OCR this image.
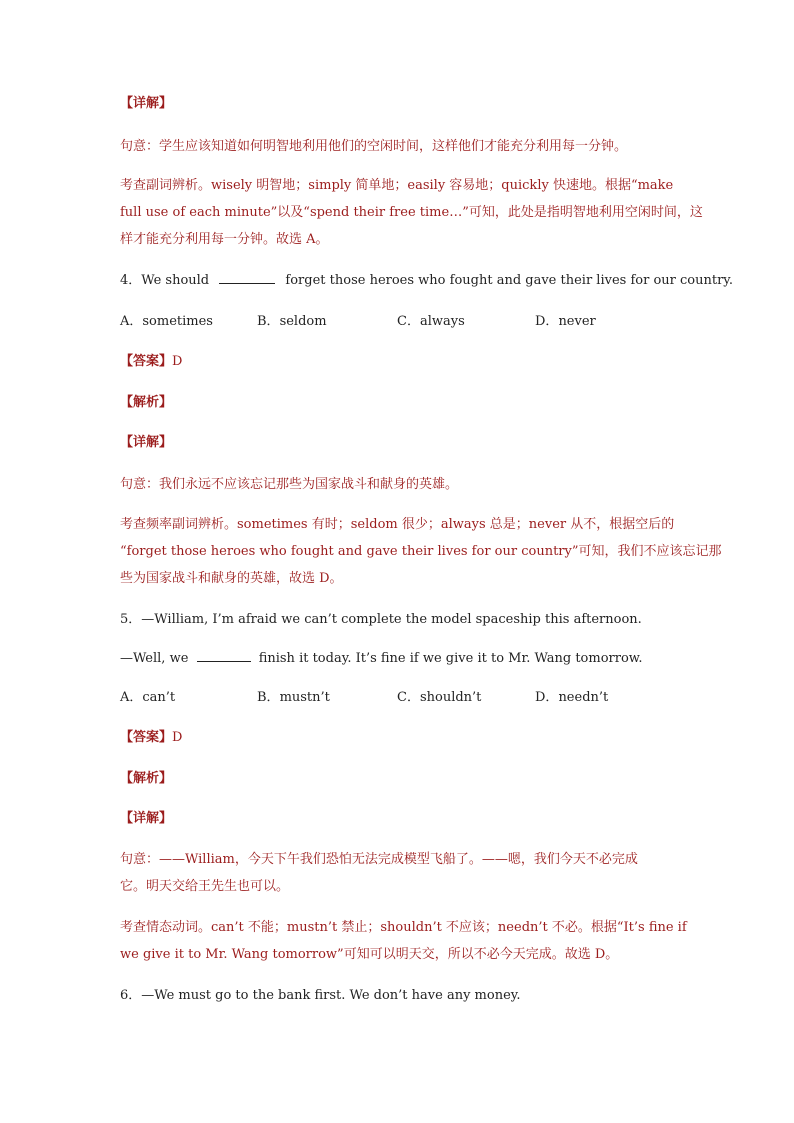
【详解】
句意：学生应该知道如何明智地利用他们的空闲时间，这样他们才能充分利用每一分钟。
考查副词辨析。wisely 明智地；simply 简单地；easily 容易地；quickly 快速地。根据“make
full use of each minute”以及“spend their free time…”可知，此处是指明智地利用空闲时间，这
样才能充分利用每一分钟。故选 A。
4．We should	forget those heroes who fought and gave their lives for our country.
A．sometimes	B．seldom	C．always	D．never
【答案】D
【解析】
【详解】
句意：我们永远不应该忘记那些为国家战斗和献身的英雄。
考查频率副词辨析。sometimes 有时；seldom 很少；always 总是；never 从不，根据空后的
“forget those heroes who fought and gave their lives for our country”可知，我们不应该忘记那
些为国家战斗和献身的英雄，故选 D。
5．—William, I’m afraid we can’t complete the model spaceship this afternoon.
—Well, we	finish it today. It’s fine if we give it to Mr. Wang tomorrow.
A．can’t	B．mustn’t	C．shouldn’t	D．needn’t
【答案】D
【解析】
【详解】
句意：——William，今天下午我们恐怕无法完成模型飞船了。——嗯，我们今天不必完成
它。明天交给王先生也可以。
考查情态动词。can’t 不能；mustn’t 禁止；shouldn’t 不应该；needn’t 不必。根据“It’s fine if
we give it to Mr. Wang tomorrow”可知可以明天交，所以不必今天完成。故选 D。
6．—We must go to the bank first. We don’t have any money.
